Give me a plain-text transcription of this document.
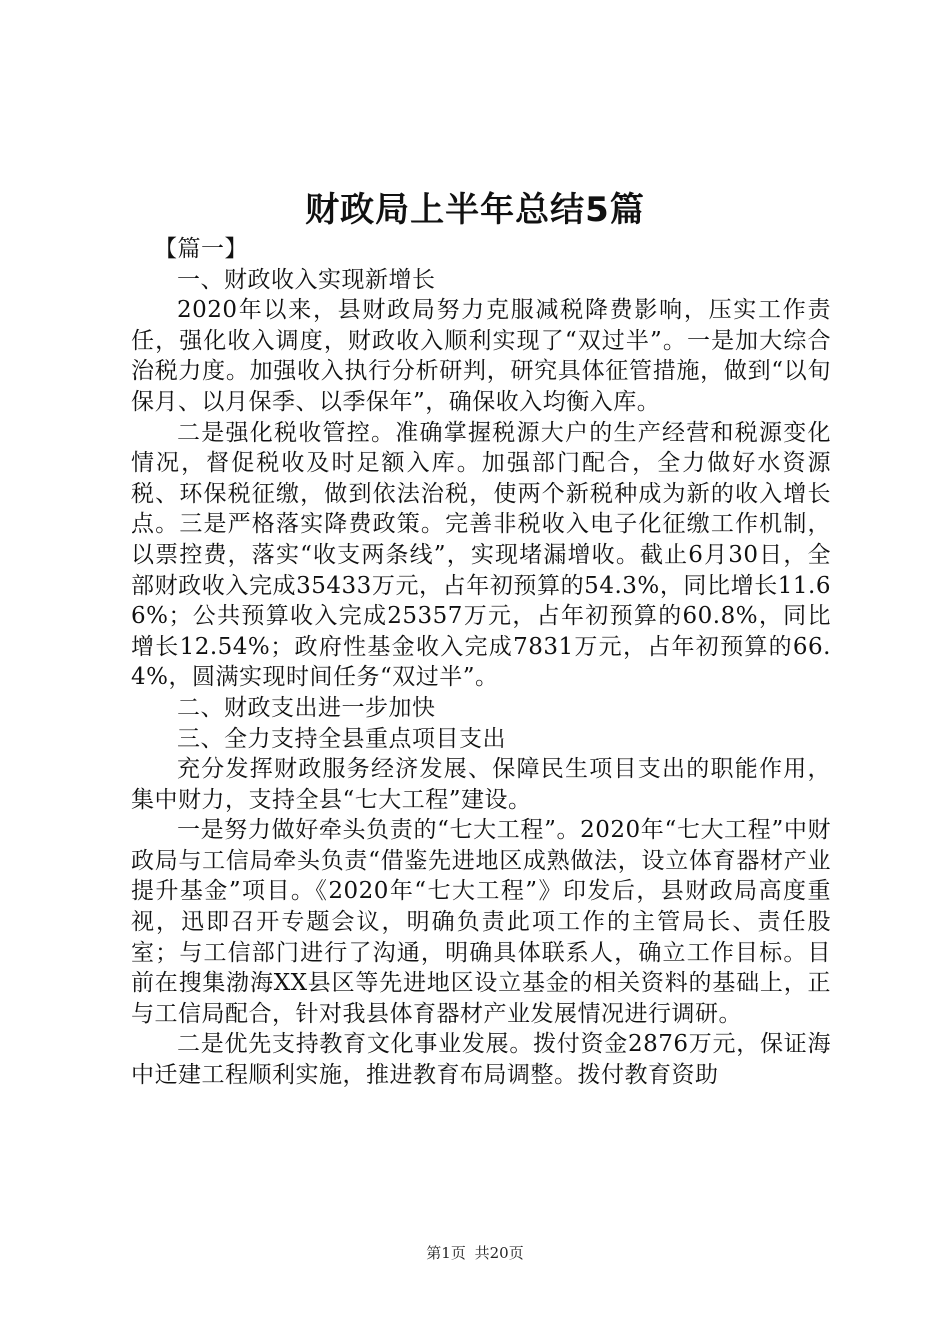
财政局上半年总结5篇

【篇一】

一、财政收入实现新增长

2020年以来，县财政局努力克服减税降费影响，压实工作责任，强化收入调度，财政收入顺利实现了“双过半”。一是加大综合治税力度。加强收入执行分析研判，研究具体征管措施，做到“以旬保月、以月保季、以季保年”，确保收入均衡入库。

二是强化税收管控。准确掌握税源大户的生产经营和税源变化情况，督促税收及时足额入库。加强部门配合，全力做好水资源税、环保税征缴，做到依法治税，使两个新税种成为新的收入增长点。三是严格落实降费政策。完善非税收入电子化征缴工作机制，以票控费，落实“收支两条线”，实现堵漏增收。截止6月30日，全部财政收入完成35433万元，占年初预算的54.3%，同比增长11.66%；公共预算收入完成25357万元，占年初预算的60.8%，同比增长12.54%；政府性基金收入完成7831万元，占年初预算的66.4%，圆满实现时间任务“双过半”。

二、财政支出进一步加快

三、全力支持全县重点项目支出

充分发挥财政服务经济发展、保障民生项目支出的职能作用，集中财力，支持全县“七大工程”建设。

一是努力做好牵头负责的“七大工程”。2020年“七大工程”中财政局与工信局牵头负责“借鉴先进地区成熟做法，设立体育器材产业提升基金”项目。《2020年“七大工程”》印发后，县财政局高度重视，迅即召开专题会议，明确负责此项工作的主管局长、责任股室；与工信部门进行了沟通，明确具体联系人，确立工作目标。目前在搜集渤海XX县区等先进地区设立基金的相关资料的基础上，正与工信局配合，针对我县体育器材产业发展情况进行调研。

二是优先支持教育文化事业发展。拨付资金2876万元，保证海中迁建工程顺利实施，推进教育布局调整。拨付教育资助

第1页 共20页
